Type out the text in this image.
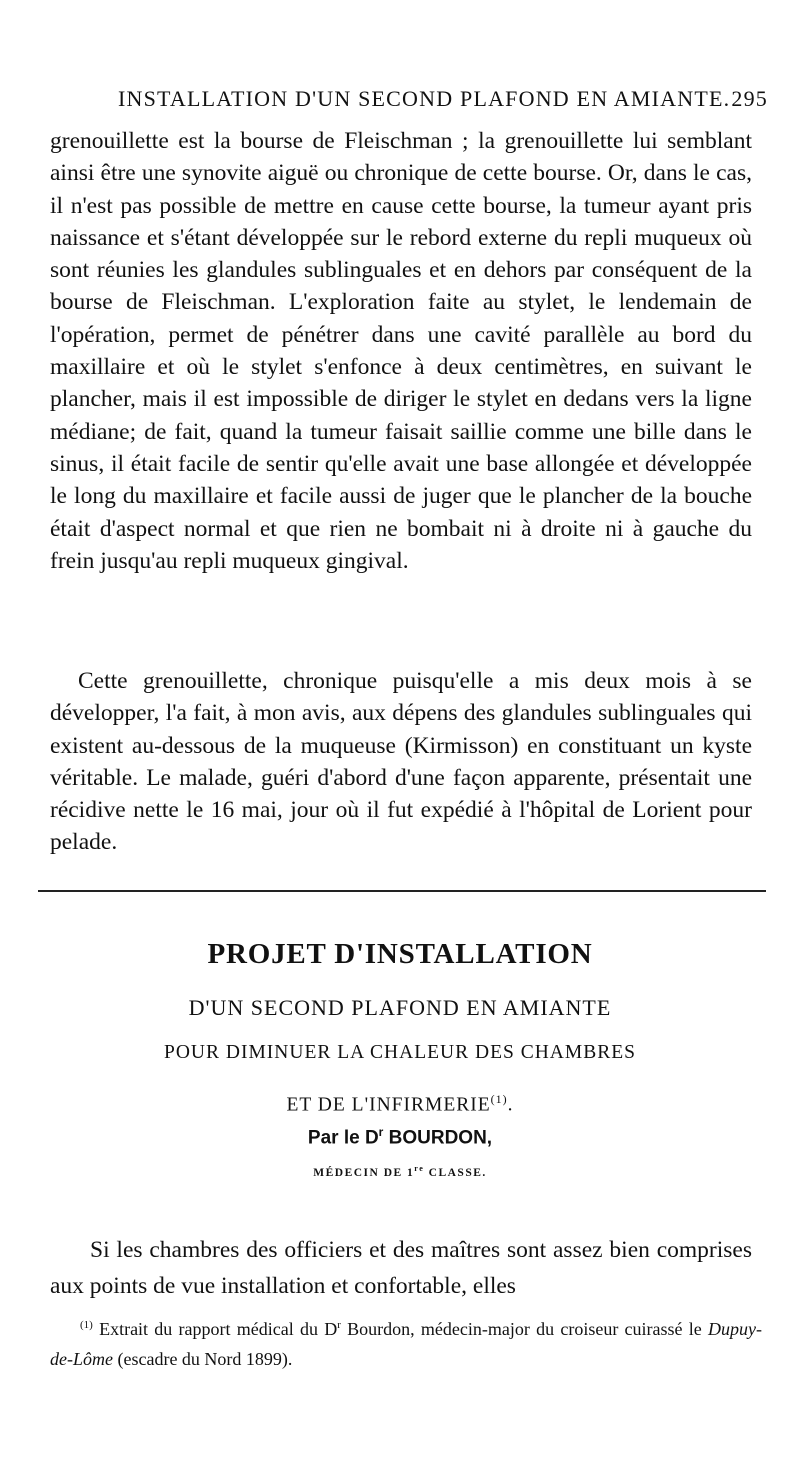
INSTALLATION D'UN SECOND PLAFOND EN AMIANTE. 295

grenouillette est la bourse de Fleischman ; la grenouillette lui semblant ainsi être une synovite aiguë ou chronique de cette bourse. Or, dans le cas, il n'est pas possible de mettre en cause cette bourse, la tumeur ayant pris naissance et s'étant développée sur le rebord externe du repli muqueux où sont réunies les glandules sublinguales et en dehors par conséquent de la bourse de Fleischman. L'exploration faite au stylet, le lendemain de l'opération, permet de pénétrer dans une cavité parallèle au bord du maxillaire et où le stylet s'enfonce à deux centimètres, en suivant le plancher, mais il est impossible de diriger le stylet en dedans vers la ligne médiane; de fait, quand la tumeur faisait saillie comme une bille dans le sinus, il était facile de sentir qu'elle avait une base allongée et développée le long du maxillaire et facile aussi de juger que le plancher de la bouche était d'aspect normal et que rien ne bombait ni à droite ni à gauche du frein jusqu'au repli muqueux gingival.

Cette grenouillette, chronique puisqu'elle a mis deux mois à se développer, l'a fait, à mon avis, aux dépens des glandules sublinguales qui existent au-dessous de la muqueuse (Kirmisson) en constituant un kyste véritable. Le malade, guéri d'abord d'une façon apparente, présentait une récidive nette le 16 mai, jour où il fut expédié à l'hôpital de Lorient pour pelade.

PROJET D'INSTALLATION
D'UN SECOND PLAFOND EN AMIANTE
POUR DIMINUER LA CHALEUR DES CHAMBRES
ET DE L'INFIRMERIE$^{(1)}$.
Par le $D^r$ BOURDON,
MÉDECIN DE 1re CLASSE.

Si les chambres des officiers et des maîtres sont assez bien comprises aux points de vue installation et confortable, elles

$^{(1)}$ Extrait du rapport médical du $D^r$ Bourdon, médecin-major du croiseur cuirassé le Dupuy-de-Lôme (escadre du Nord 1899).
